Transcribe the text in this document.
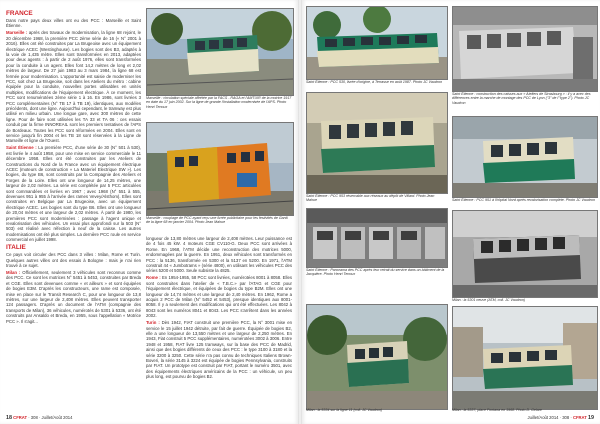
FRANCE

Dans notre pays deux villes ont eu des PCC : Marseille et Saint Étienne.

Marseille : après des travaux de modernisation, la ligne 68 rejoint, le 20 décembre 1968, la première PCC 2ème série de 16 (« N° 2001 à 2016). Elles ont été construites par La Brugeoise avec un équipement électrique ACEC (Westinghouse). Les bogies sont des B3, adaptés à la voie de 1,435 mètre. Elles sont transformées en 2013, adaptées pour deux agents : à partir de 2 août 1976, elles sont transformées pour la conduite à un agent. Elles font 14,2 mètres de long et 2,02 mètres de largeur. De 27 juin 1983 au 3 mars 1984, la ligne 68 est fermée pour modernisation. L'opportunité est saisie de moderniser les PCC, soit chez La Brugeoise, soit dans les Ateliers du métro : cabine équipée pour la conduite, nouvelles portes utilisables en unités multiples, modifications de l'équipement électrique. À ce moment, les PCC sont renumérotées 2ème série 1 à 16. En 1986, sont livrées 3 PCC complémentaires (N° TB 17 à TB 19), identiques, aux modèles précédents, dont une ligne. Aujourd'hui cependant, le tramway est plus utilisé en milieu urbain. Une longue gare, avec 300 mètres de cette ligne. Pour de faire sont utilisées les TA 33 et TA 06 : ces essais conduit par la firme INNOREAIL sont les premiers tentatives de l'APS de Bordeaux. Toutes les PCC sont réformées en 2004. Elles sont en service jusqu'à fin 2004 et les TB 18 sont réservées à la Ligne de Marseille et ligne de l'Ouest.

Saint Étienne : La première PCC, d'une série de 30 (N° 501 à 530), est livrée le 4 août 1958, pour une mise en service commerciale le 11 décembre 1958. Elles ont été construites par les Ateliers de Constructions du Nord de la France avec un équipement électrique ACEC (moteurs de construction « La Materiel Electrique SW »). Les bogies, du type B6, sont construits par la Compagnie des Ateliers et Forges de la Loire. Elles ont une longueur de 14,25 mètres, une largeur de 2,02 mètres. La série est complétée par 5 PCC articulées sont commandées et livrées en 1967 ; avec 1968 (N° 551 à 555, devenues 951 à 955 à l'arrivée des rames Vevey/Alsthom). Elles sont construites en Belgique par La Brugeoise, avec un équipement électrique ACEC. Les bogies sont du type B6. Elles ont une longueur de 20,04 mètres et une largeur de 2,02 mètres. À partir de 1980, les premières PCC sont modernisées : passage à l'agent unique et revalorisation des véhicules. Un essai plus approfondi sur la 503 (N° 503) est réalisé avec réfection à neuf de la caisse. Les autres modernisations ont été plus simples. La dernière PCC roule en service commercial en juillet 1998.

ITALIE

Ce pays voit circuler des PCC dans 3 villes : Milan, Rome et Turin. Quelques autres villes ont des essais à Bologne : mais je n'ai rien trouvé à ce sujet.

Milan : Officiellement, seulement 3 véhicules sont reconnus comme des PCC. Ce sont les motrices N° 5451 à 5453, construites par Breda et CGE. Elles sont devenues comme « et ailleurs » et sont équipées de bogies E3M. D'après les constructeurs, une rame est composée, mise en place sur le Transit Research C, pour une longueur de 13,8 mètres, sur une largeur de 2,408 mètres. Elles peuvent transporter 124 passagers. D'après un document de l'ATM (compagnie des transports de Milan), 36 véhicules, numérotés de 5301 à 5336, ont été construits par Ansaldo et Breda, en 1955, sous l'appellation « Motrice PCC ». Il s'agit...

Marseille : circulation spéciale affrétée par la FACS - RAGA et l'AMTUIR de la motrice 1917 en date du 17 juin 2002. Sur la ligne de grande l'Installation modernisée de l'APS. Photo Henri Tenoux
Marseille : couplage de PCC ayant reçu une livrée publicitaire pour les festivités de Gardi de la ligne 68 en janvier 2004. Photo Jean Mahue

longueur de 13,80 mètres une largeur de 2,408 mètres. Leur puissance est de 4 fois 45 kW. 4 moteurs CGE CV110-G. Deux PCC sont arrivées à Rome. En 1968, l'ATM décide une reconstruction des motrices 5000, endommagées par la guerre. En 1951, deux véhicules sont transformés en PCC : la 5136, transformée en 5300 et la 5137 en 5200. En 1971, l'ATM construit 44 « Jumbotrams » (série 4800), en utilisant les véhicules PCC des séries 5200 et 5000. Seule subsiste la 4825.

Rome : En 1954-1955, 58 PCC sont livrées, numérotées 8001 à 8058. Elles sont construites dans l'atelier de « T.B.C.» par l'ATAG et CGE pour l'équipement électrique, et équipées de bogies du type B2M. Elles ont une longueur de 14,74 mètres et une largeur de 2,40 mètres. En 1962, Rome a acquis 2 PCC de Milan (N° 5452 et 5453), presque identiques aux 8001-8058. Il y a seulement des modifications qui ont été effectuées. Les 8042 à 8043 sont les numéros 8041 et 8043. Les PCC s'arrêtent dans les années 2002.

Turin : Dès 1942, FIAT construit une première PCC, la N° 3001 mise en service le 15 juillet 1942 détruite, par fait de guerre. Équipée de bogies B2, elle a une longueur de 13,550 mètres et une largeur de 2,250 mètres. En 1943, Fiat construit 5 PCC supplémentaires, numérotées 3002 à 3006. Entre 1948 et 1958, FIAT livre 125 tramways, sur la base des PCC de Madrid, ainsi que des bogies différents de ceux des PCC : le type 3100 à 3180 et la série 3200 à 3250. Cette série n'a pas connu de techniques Italiens Brown-Boveri, la série 3145 à 3224 est équipée de bogies Pennsylvania, construits par FIAT. Un prototype est construit par FIAT, portant le numéro 3501, avec des équipements électriques américains de la PCC : un véhicule, un peu plus long, est pourvu de bogies B2.

18 CFRAT · 308 · Juillet/Août 2014
Saint Étienne : PCC 530, livrée d'origine, à Terrasse en août 1987. Photo JC Vaudron
Saint Étienne : construction des caisses aux « Ateliers de Strasbourg » : il y a avec des différences entre la marche de montage des PCC de Lyon ("3" de l'"type 2"). Photo JC Vaudron
Saint Étienne : PCC 953 réservable aux réseaux au dépôt de Villard. Photo Jean Mahue	Saint Étienne : PCC 951 à l'hôpital Nord après revalorisation complète. Photo JC Vaudron
Saint Étienne : Panorama des PCC après leur retrait du service dans un bâtiment de la Jacquière. Photo Henri Tenoux
Milan : la 5301 neuve (ATM, coll. JC Vaudron)
Milan : la 5334 sur la ligne 11 (coll. JC Vaudron)	Milan : la 5337, place Fontana en 1968. Photo D. Gelare
Juillet/Août 2014 · 308 · CFRAT 19
